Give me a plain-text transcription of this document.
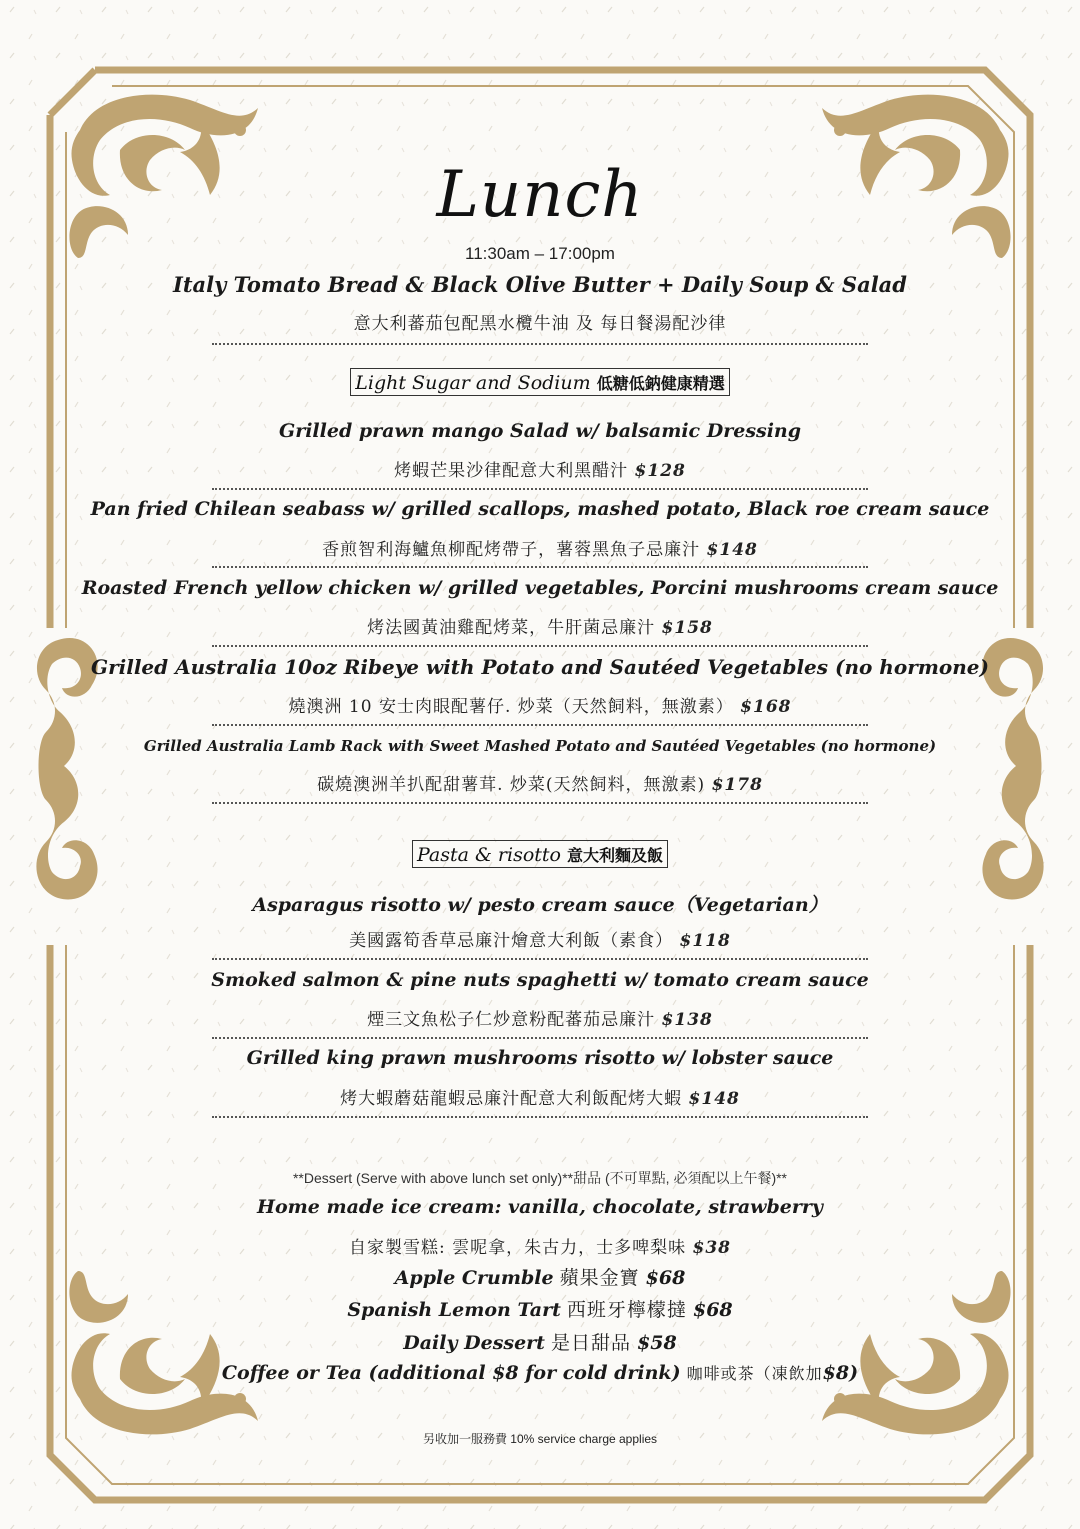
Lunch
11:30am – 17:00pm
Italy Tomato Bread & Black Olive Butter + Daily Soup & Salad
意大利蕃茄包配黑水欖牛油 及 每日餐湯配沙律
Light Sugar and Sodium 低糖低鈉健康精選
Grilled prawn mango Salad w/ balsamic Dressing
烤蝦芒果沙律配意大利黑醋汁 $128
Pan fried Chilean seabass w/ grilled scallops, mashed potato, Black roe cream sauce
香煎智利海鱸魚柳配烤帶子，薯蓉黑魚子忌廉汁 $148
Roasted French yellow chicken w/ grilled vegetables, Porcini mushrooms cream sauce
烤法國黃油雞配烤菜，牛肝菌忌廉汁 $158
Grilled Australia 10oz Ribeye with Potato and Sautéed Vegetables (no hormone)
燒澳洲 10 安士肉眼配薯仔. 炒菜（天然飼料，無激素） $168
Grilled Australia Lamb Rack with Sweet Mashed Potato and Sautéed Vegetables (no hormone)
碳燒澳洲羊扒配甜薯茸. 炒菜(天然飼料，無激素) $178
Pasta & risotto 意大利麵及飯
Asparagus risotto w/ pesto cream sauce（Vegetarian）
美國露筍香草忌廉汁燴意大利飯（素食） $118
Smoked salmon & pine nuts spaghetti w/ tomato cream sauce
煙三文魚松子仁炒意粉配蕃茄忌廉汁 $138
Grilled king prawn mushrooms risotto w/ lobster sauce
烤大蝦蘑菇龍蝦忌廉汁配意大利飯配烤大蝦 $148
**Dessert (Serve with above lunch set only)**甜品 (不可單點, 必須配以上午餐)**
Home made ice cream: vanilla, chocolate, strawberry
自家製雪糕: 雲呢拿，朱古力，士多啤梨味 $38
Apple Crumble 蘋果金寶 $68
Spanish Lemon Tart 西班牙檸檬撻 $68
Daily Dessert 是日甜品 $58
Coffee or Tea (additional $8 for cold drink) 咖啡或茶（凍飲加$8)
另收加一服務費 10% service charge applies
